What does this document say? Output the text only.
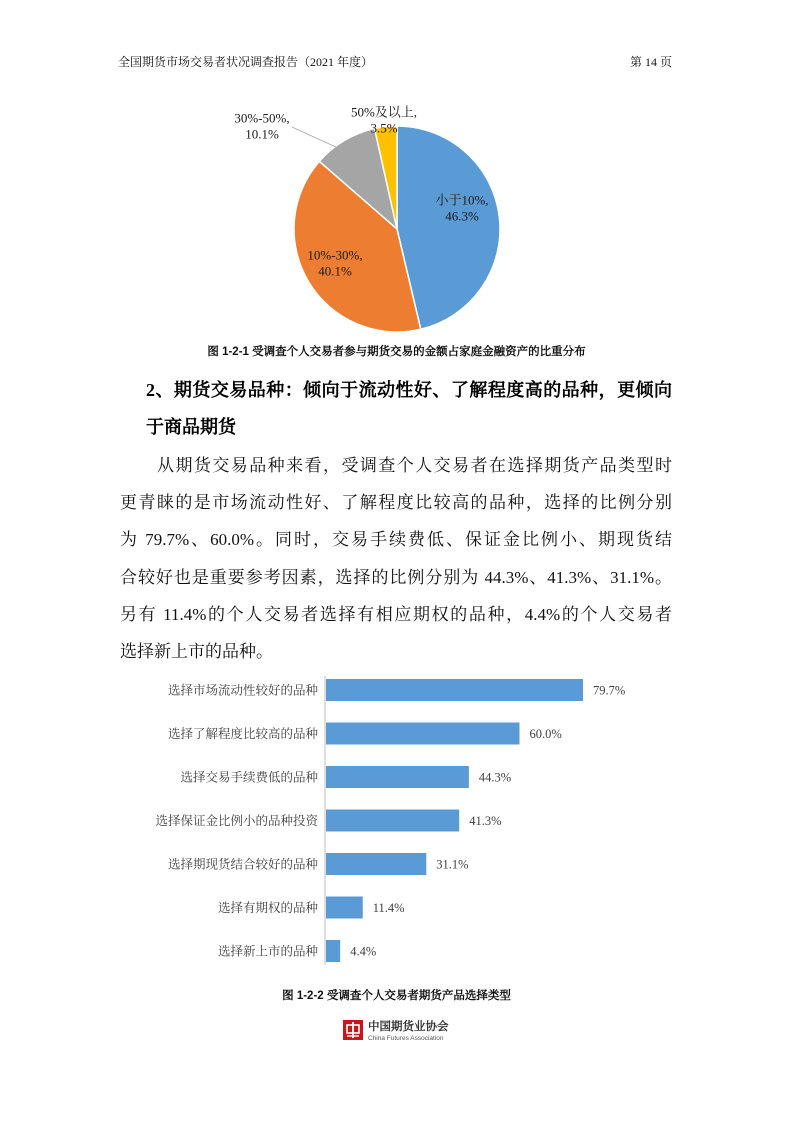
全国期货市场交易者状况调查报告（2021 年度）	第 14 页
小于10%, 46.3%
10%-30%, 40.1%
30%-50%, 10.1%
50%及以上, 3.5%
图 1-2-1 受调查个人交易者参与期货交易的金额占家庭金融资产的比重分布
2、期货交易品种：倾向于流动性好、了解程度高的品种，更倾向
于商品期货
从期货交易品种来看，受调查个人交易者在选择期货产品类型时
更青睐的是市场流动性好、了解程度比较高的品种，选择的比例分别
为 79.7%、60.0%。同时，交易手续费低、保证金比例小、期现货结
合较好也是重要参考因素，选择的比例分别为 44.3%、41.3%、31.1%。
另有 11.4%的个人交易者选择有相应期权的品种，4.4%的个人交易者
选择新上市的品种。
选择市场流动性较好的品种	79.7%
选择了解程度比较高的品种	60.0%
选择交易手续费低的品种	44.3%
选择保证金比例小的品种投资	41.3%
选择期现货结合较好的品种	31.1%
选择有期权的品种	11.4%
选择新上市的品种	4.4%
图 1-2-2 受调查个人交易者期货产品选择类型
中国期货业协会
China Futures Association
